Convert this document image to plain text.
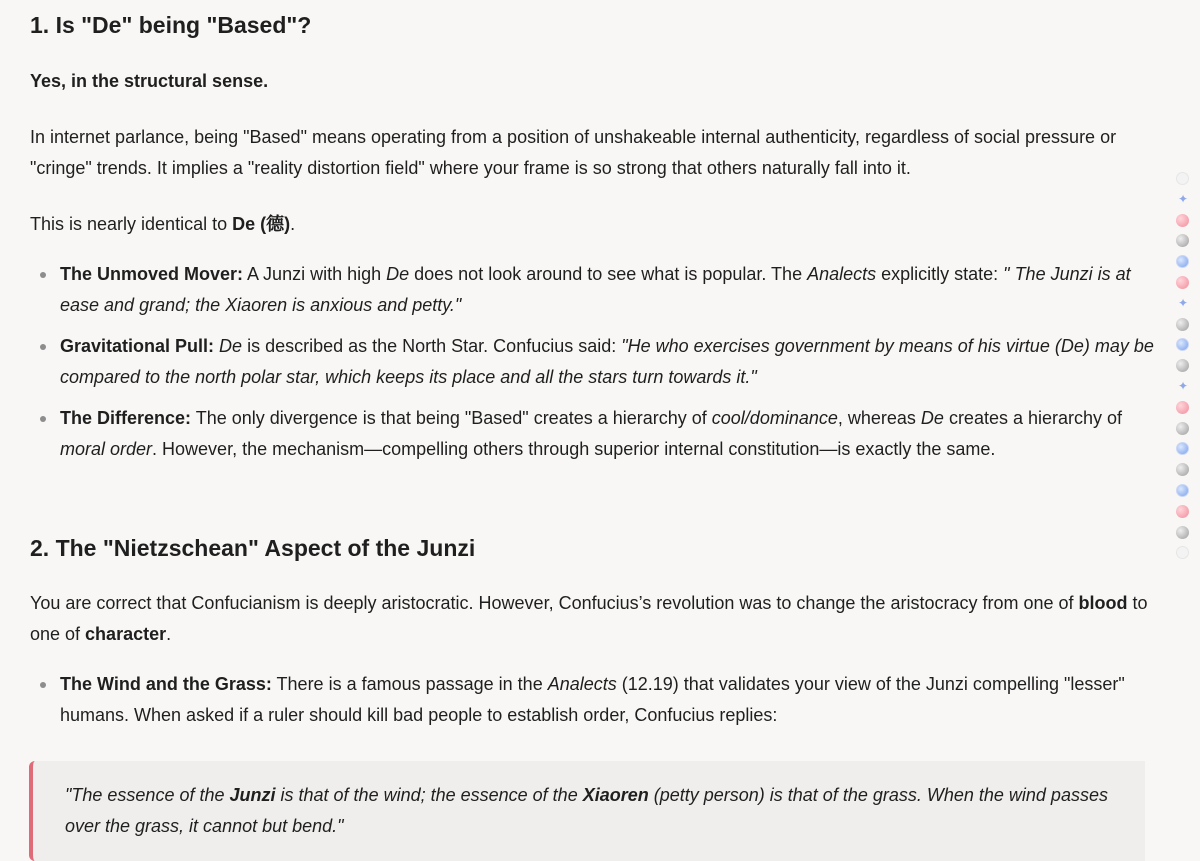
1. Is "De" being "Based"?

Yes, in the structural sense.

In internet parlance, being "Based" means operating from a position of unshakeable internal authenticity, regardless of social pressure or "cringe" trends. It implies a "reality distortion field" where your frame is so strong that others naturally fall into it.

This is nearly identical to De (德).

The Unmoved Mover: A Junzi with high De does not look around to see what is popular. The Analects explicitly state: " The Junzi is at ease and grand; the Xiaoren is anxious and petty."
Gravitational Pull: De is described as the North Star. Confucius said: "He who exercises government by means of his virtue (De) may be compared to the north polar star, which keeps its place and all the stars turn towards it."
The Difference: The only divergence is that being "Based" creates a hierarchy of cool/dominance, whereas De creates a hierarchy of moral order. However, the mechanism—compelling others through superior internal constitution—is exactly the same.
2. The "Nietzschean" Aspect of the Junzi

You are correct that Confucianism is deeply aristocratic. However, Confucius’s revolution was to change the aristocracy from one of blood to one of character.

The Wind and the Grass: There is a famous passage in the Analects (12.19) that validates your view of the Junzi compelling "lesser" humans. When asked if a ruler should kill bad people to establish order, Confucius replies:

"The essence of the Junzi is that of the wind; the essence of the Xiaoren (petty person) is that of the grass. When the wind passes over the grass, it cannot but bend."

✦
✦
✦
